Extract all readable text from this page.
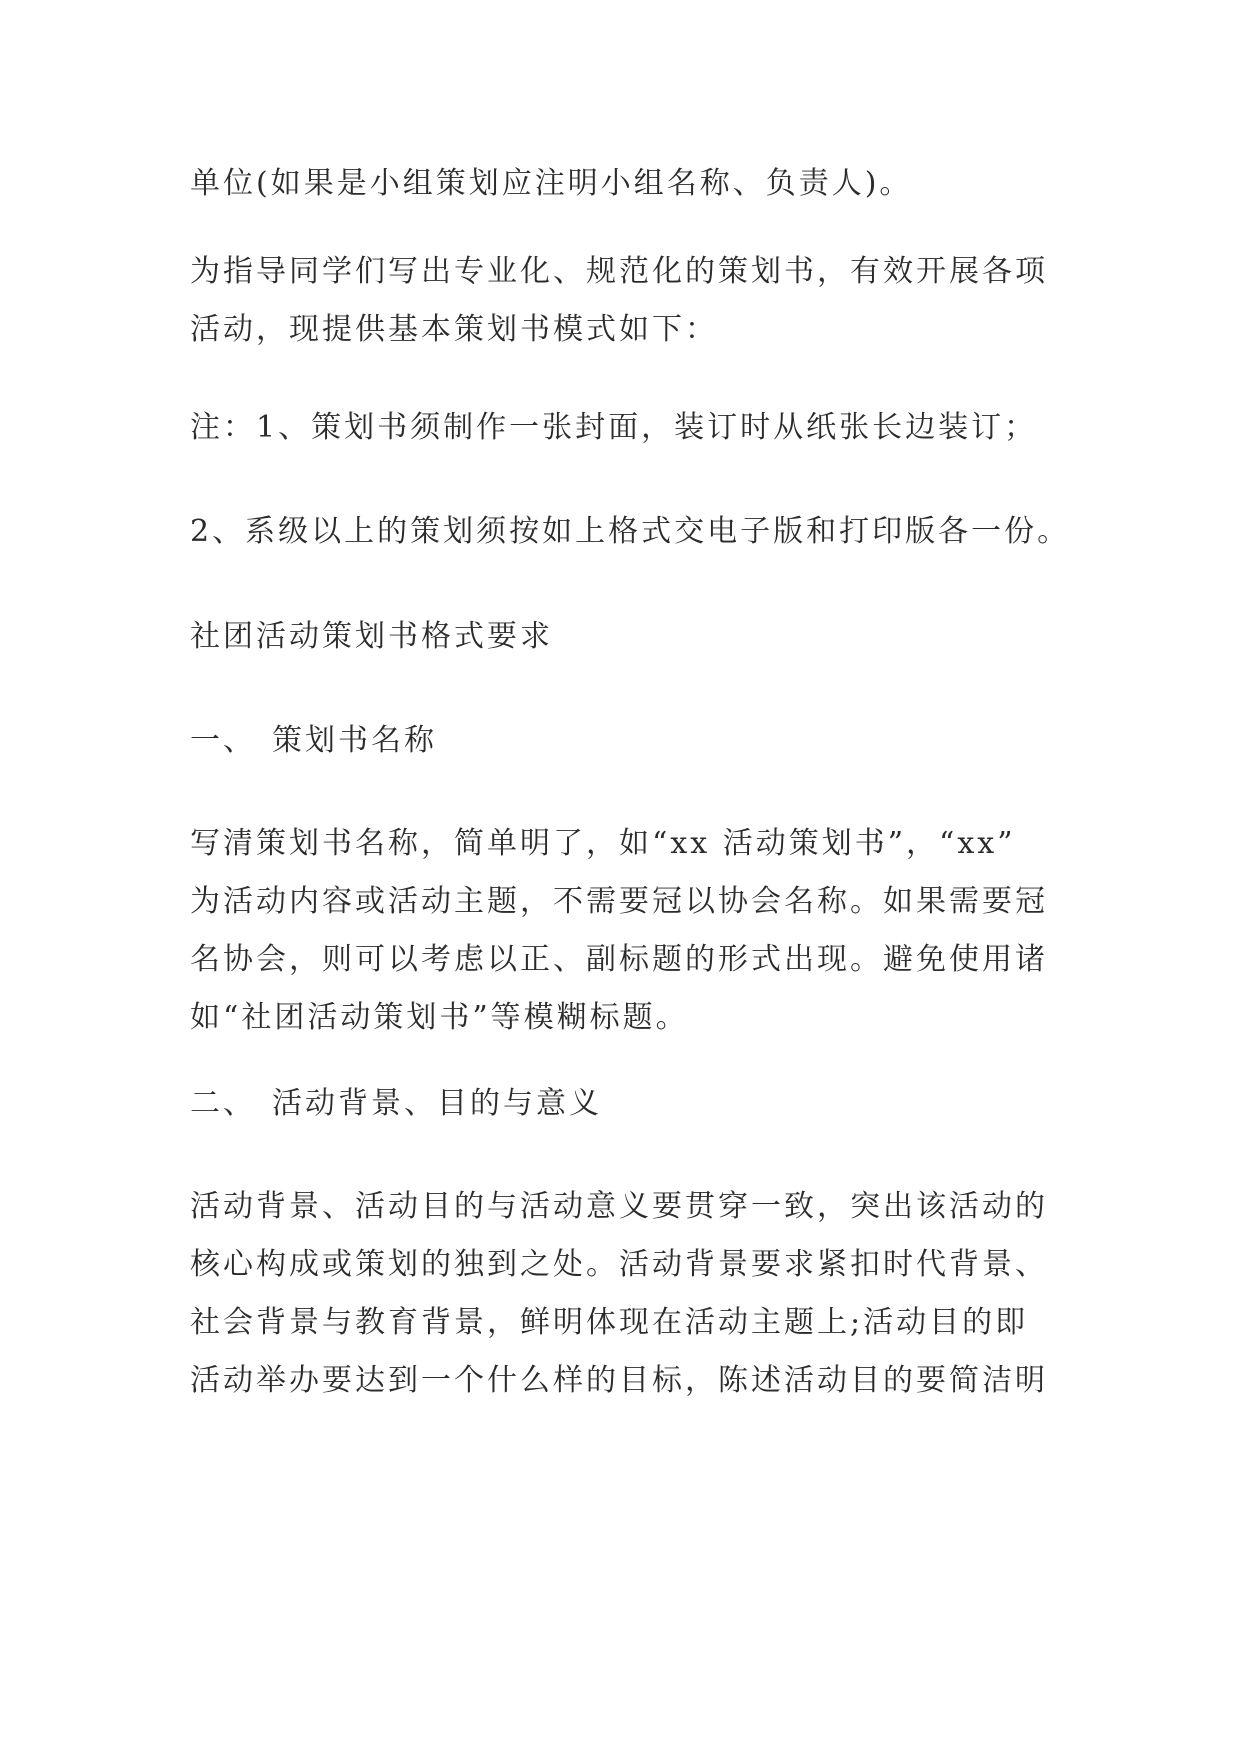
单位(如果是小组策划应注明小组名称、负责人)。

为指导同学们写出专业化、规范化的策划书，有效开展各项
活动，现提供基本策划书模式如下：

注：1、策划书须制作一张封面，装订时从纸张长边装订；

2、系级以上的策划须按如上格式交电子版和打印版各一份。

社团活动策划书格式要求

一、 策划书名称

写清策划书名称，简单明了，如“xx 活动策划书”，“xx”
为活动内容或活动主题，不需要冠以协会名称。如果需要冠
名协会，则可以考虑以正、副标题的形式出现。避免使用诸
如“社团活动策划书”等模糊标题。

二、 活动背景、目的与意义

活动背景、活动目的与活动意义要贯穿一致，突出该活动的
核心构成或策划的独到之处。活动背景要求紧扣时代背景、
社会背景与教育背景，鲜明体现在活动主题上;活动目的即
活动举办要达到一个什么样的目标，陈述活动目的要简洁明
